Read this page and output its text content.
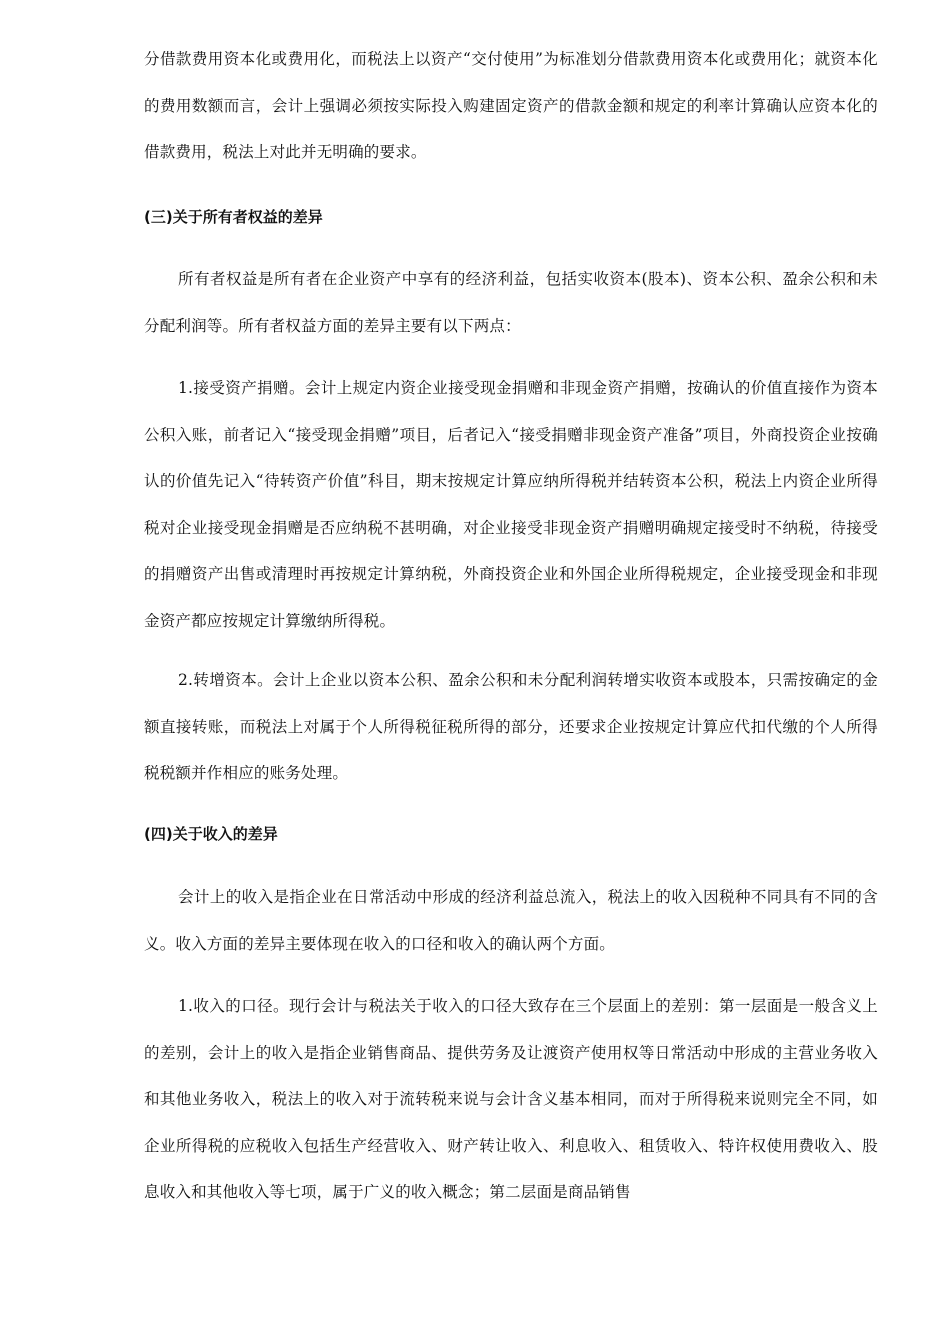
分借款费用资本化或费用化，而税法上以资产“交付使用”为标准划分借款费用资本化或费用化；就资本化的费用数额而言，会计上强调必须按实际投入购建固定资产的借款金额和规定的利率计算确认应资本化的借款费用，税法上对此并无明确的要求。

(三)关于所有者权益的差异

所有者权益是所有者在企业资产中享有的经济利益，包括实收资本(股本)、资本公积、盈余公积和未分配利润等。所有者权益方面的差异主要有以下两点：

1.接受资产捐赠。会计上规定内资企业接受现金捐赠和非现金资产捐赠，按确认的价值直接作为资本公积入账，前者记入“接受现金捐赠”项目，后者记入“接受捐赠非现金资产准备”项目，外商投资企业按确认的价值先记入“待转资产价值”科目，期末按规定计算应纳所得税并结转资本公积，税法上内资企业所得税对企业接受现金捐赠是否应纳税不甚明确，对企业接受非现金资产捐赠明确规定接受时不纳税，待接受的捐赠资产出售或清理时再按规定计算纳税，外商投资企业和外国企业所得税规定，企业接受现金和非现金资产都应按规定计算缴纳所得税。

2.转增资本。会计上企业以资本公积、盈余公积和未分配利润转增实收资本或股本，只需按确定的金额直接转账，而税法上对属于个人所得税征税所得的部分，还要求企业按规定计算应代扣代缴的个人所得税税额并作相应的账务处理。

(四)关于收入的差异

会计上的收入是指企业在日常活动中形成的经济利益总流入，税法上的收入因税种不同具有不同的含义。收入方面的差异主要体现在收入的口径和收入的确认两个方面。

1.收入的口径。现行会计与税法关于收入的口径大致存在三个层面上的差别：第一层面是一般含义上的差别，会计上的收入是指企业销售商品、提供劳务及让渡资产使用权等日常活动中形成的主营业务收入和其他业务收入，税法上的收入对于流转税来说与会计含义基本相同，而对于所得税来说则完全不同，如企业所得税的应税收入包括生产经营收入、财产转让收入、利息收入、租赁收入、特许权使用费收入、股息收入和其他收入等七项，属于广义的收入概念；第二层面是商品销售
